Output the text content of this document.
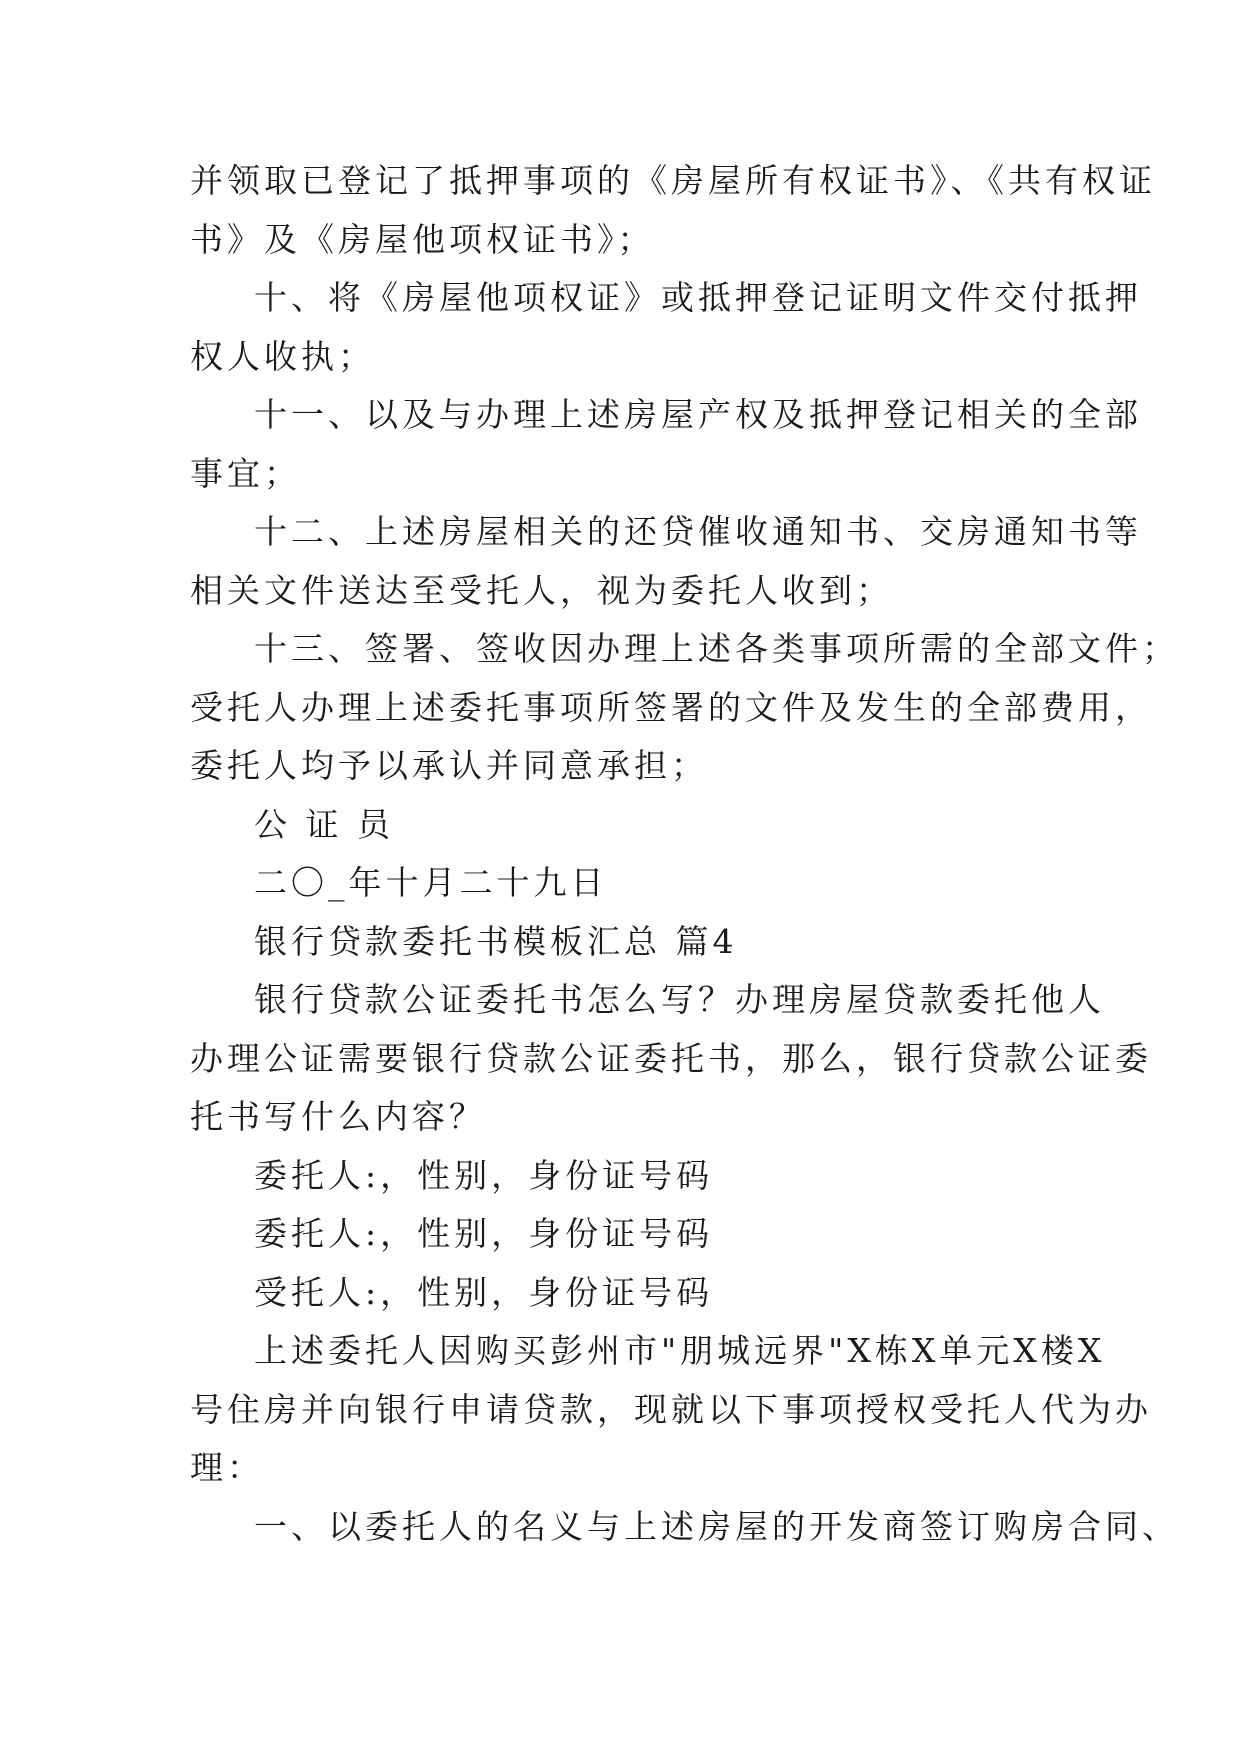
并领取已登记了抵押事项的《房屋所有权证书》、《共有权证
书》及《房屋他项权证书》；
十、将《房屋他项权证》或抵押登记证明文件交付抵押
权人收执；
十一、以及与办理上述房屋产权及抵押登记相关的全部
事宜；
十二、上述房屋相关的还贷催收通知书、交房通知书等
相关文件送达至受托人，视为委托人收到；
十三、签署、签收因办理上述各类事项所需的全部文件；
受托人办理上述委托事项所签署的文件及发生的全部费用，
委托人均予以承认并同意承担；
公 证 员
二〇_年十月二十九日
银行贷款委托书模板汇总 篇4
银行贷款公证委托书怎么写？办理房屋贷款委托他人
办理公证需要银行贷款公证委托书，那么，银行贷款公证委
托书写什么内容？
委托人:，性别，身份证号码
委托人:，性别，身份证号码
受托人:，性别，身份证号码
上述委托人因购买彭州市"朋城远界"X栋X单元X楼X
号住房并向银行申请贷款，现就以下事项授权受托人代为办
理：
一、以委托人的名义与上述房屋的开发商签订购房合同、
